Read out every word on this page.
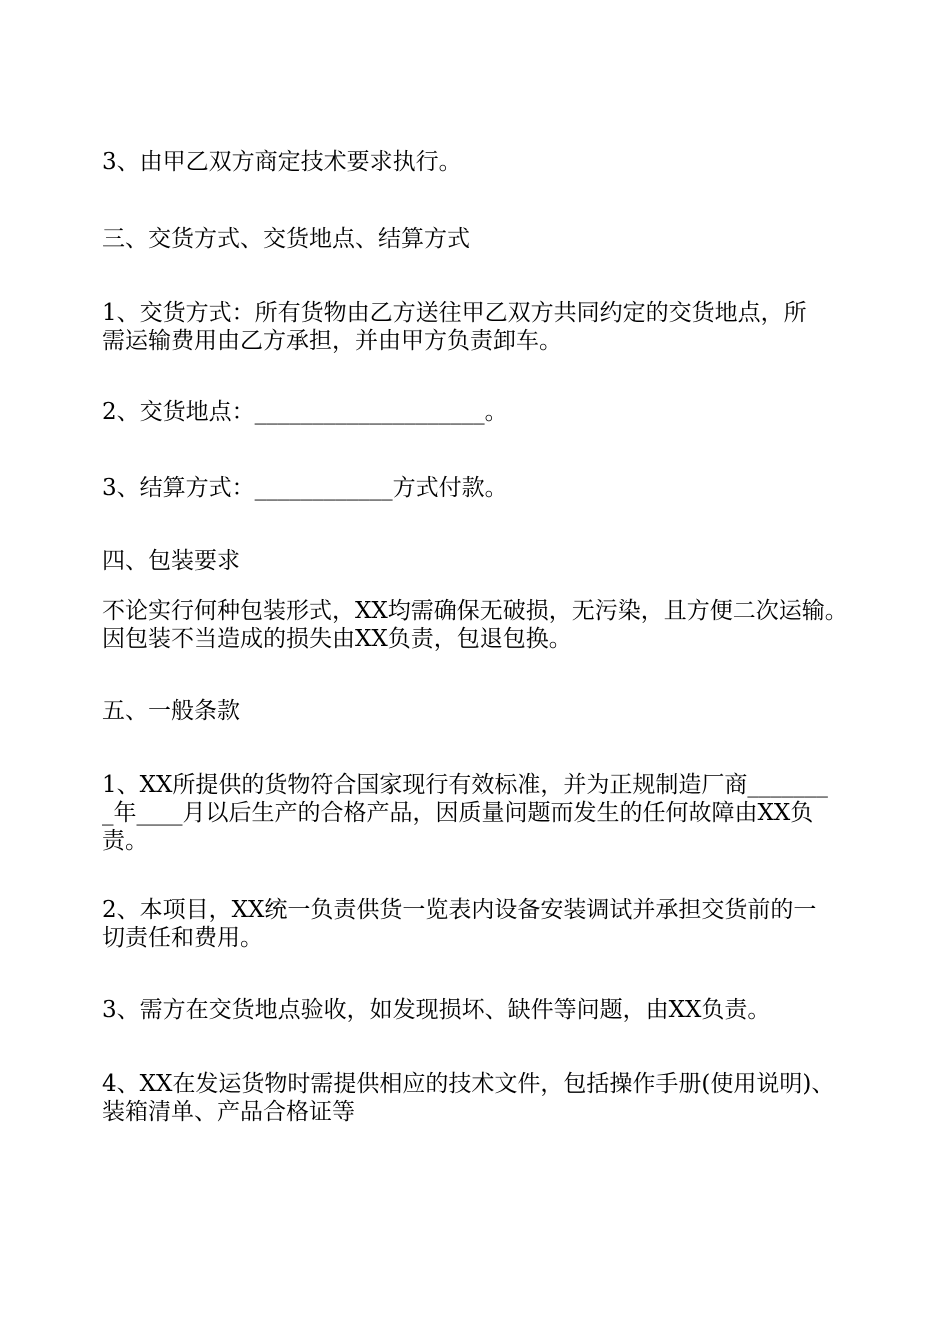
3、由甲乙双方商定技术要求执行。

三、交货方式、交货地点、结算方式

1、交货方式：所有货物由乙方送往甲乙双方共同约定的交货地点，所
需运输费用由乙方承担，并由甲方负责卸车。

2、交货地点：____________________。

3、结算方式：____________方式付款。

四、包装要求

不论实行何种包装形式，XX均需确保无破损，无污染，且方便二次运输。
因包装不当造成的损失由XX负责，包退包换。

五、一般条款

1、XX所提供的货物符合国家现行有效标准，并为正规制造厂商_______
_年____月以后生产的合格产品，因质量问题而发生的任何故障由XX负
责。

2、本项目，XX统一负责供货一览表内设备安装调试并承担交货前的一
切责任和费用。

3、需方在交货地点验收，如发现损坏、缺件等问题，由XX负责。

4、XX在发运货物时需提供相应的技术文件，包括操作手册(使用说明)、
装箱清单、产品合格证等
